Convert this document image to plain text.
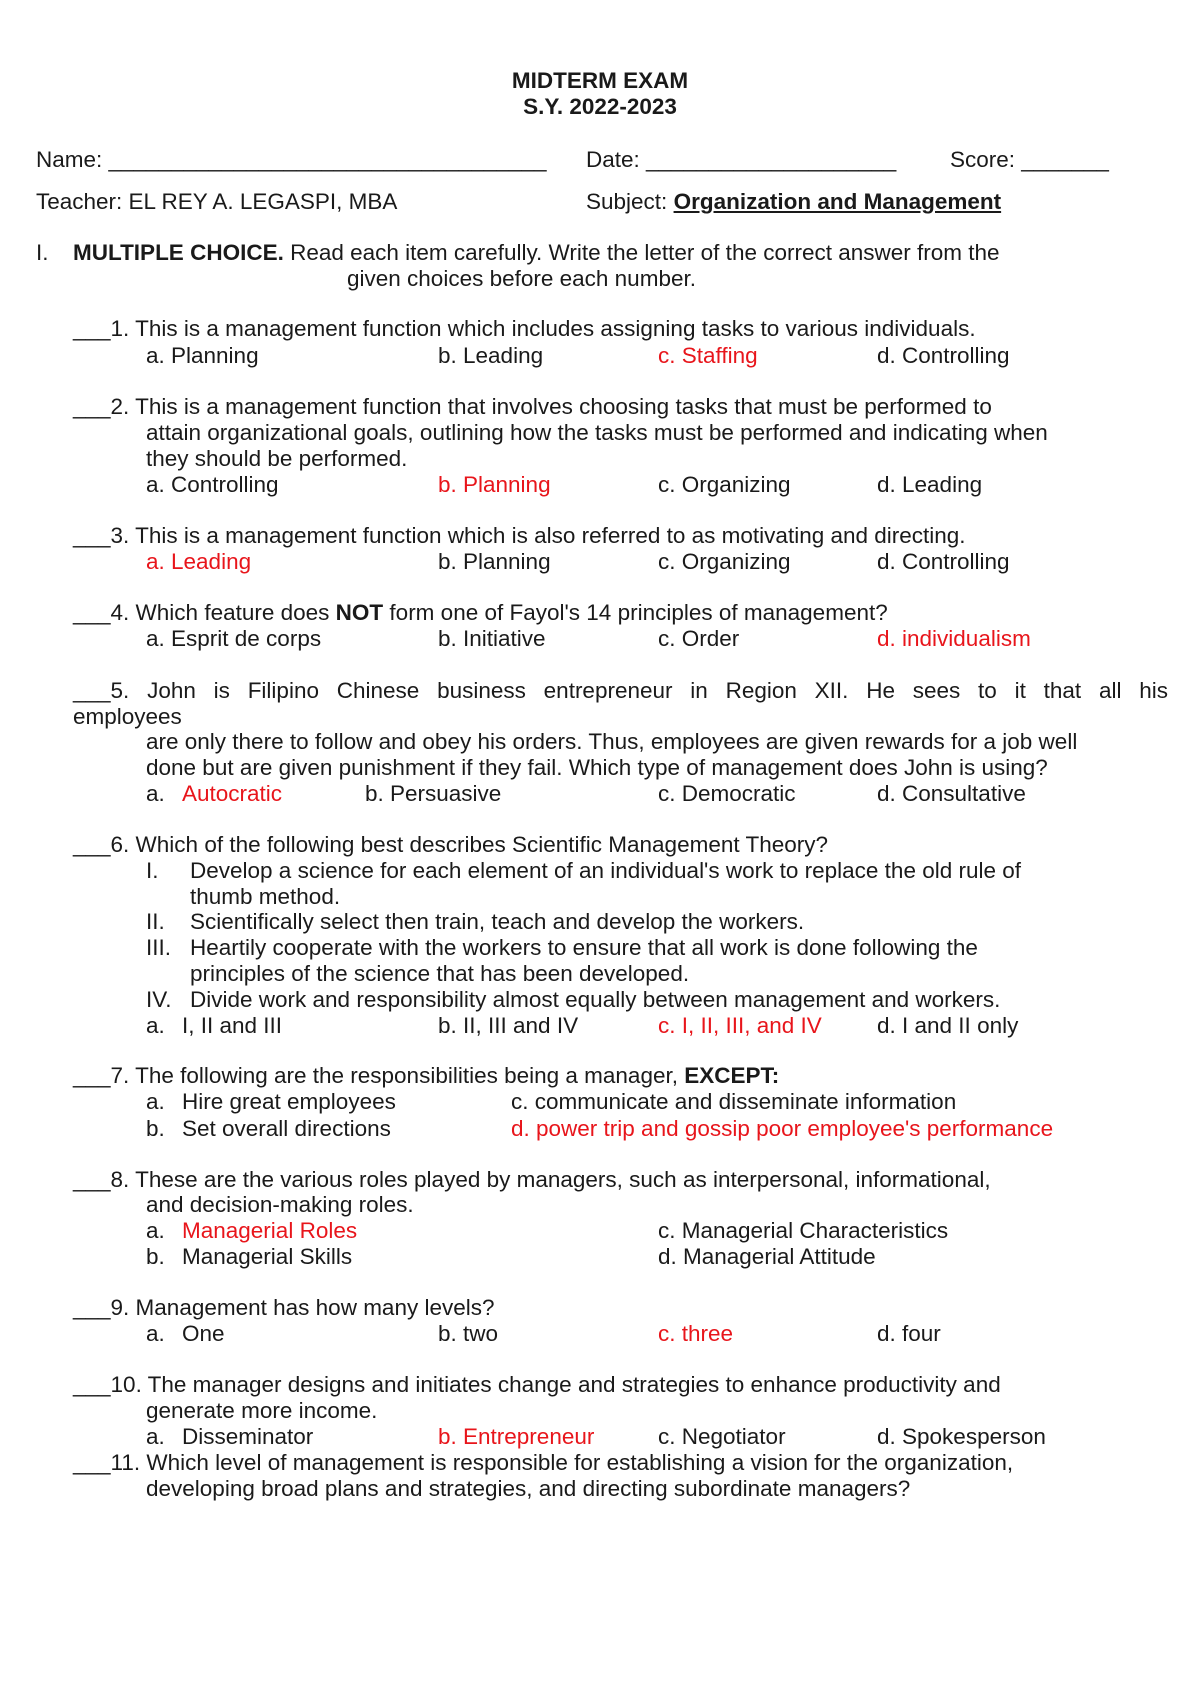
MIDTERM EXAM
S.Y. 2022-2023
Name: ___________________________________ Date: ____________________ Score: _______
Teacher: EL REY A. LEGASPI, MBA	Subject: Organization and Management
I. MULTIPLE CHOICE. Read each item carefully. Write the letter of the correct answer from the
given choices before each number.
___1. This is a management function which includes assigning tasks to various individuals.
a. Planning	b. Leading	c. Staffing	d. Controlling
___2. This is a management function that involves choosing tasks that must be performed to
attain organizational goals, outlining how the tasks must be performed and indicating when
they should be performed.
a. Controlling	b. Planning	c. Organizing	d. Leading
___3. This is a management function which is also referred to as motivating and directing.
a. Leading	b. Planning	c. Organizing	d. Controlling
___4. Which feature does NOT form one of Fayol's 14 principles of management?
a. Esprit de corps	b. Initiative	c. Order	d. individualism
___5. John is Filipino Chinese business entrepreneur in Region XII. He sees to it that all his
employees
are only there to follow and obey his orders. Thus, employees are given rewards for a job well
done but are given punishment if they fail. Which type of management does John is using?
a. Autocratic	b. Persuasive	c. Democratic	d. Consultative
___6. Which of the following best describes Scientific Management Theory?
I. Develop a science for each element of an individual's work to replace the old rule of
thumb method.
II. Scientifically select then train, teach and develop the workers.
III. Heartily cooperate with the workers to ensure that all work is done following the
principles of the science that has been developed.
IV. Divide work and responsibility almost equally between management and workers.
a. I, II and III	b. II, III and IV	c. I, II, III, and IV d. I and II only
___7. The following are the responsibilities being a manager, EXCEPT:
a. Hire great employees	c. communicate and disseminate information
b. Set overall directions	d. power trip and gossip poor employee's performance
___8. These are the various roles played by managers, such as interpersonal, informational,
and decision-making roles.
a. Managerial Roles	c. Managerial Characteristics
b. Managerial Skills	d. Managerial Attitude
___9. Management has how many levels?
a. One	b. two	c. three	d. four
___10. The manager designs and initiates change and strategies to enhance productivity and
generate more income.
a. Disseminator	b. Entrepreneur	c. Negotiator	d. Spokesperson
___11. Which level of management is responsible for establishing a vision for the organization,
developing broad plans and strategies, and directing subordinate managers?
